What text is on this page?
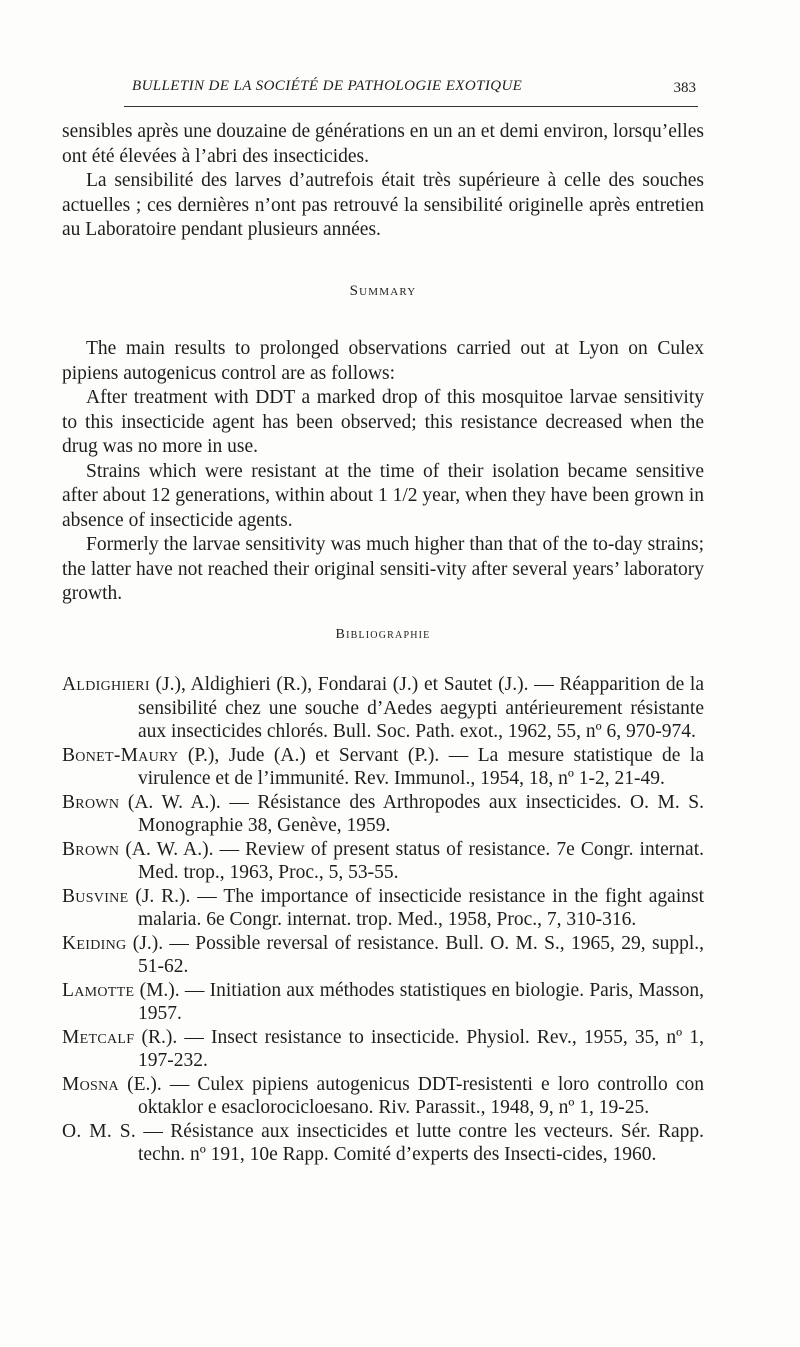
BULLETIN DE LA SOCIÉTÉ DE PATHOLOGIE EXOTIQUE	383

sensibles après une douzaine de générations en un an et demi environ, lorsqu’elles ont été élevées à l’abri des insecticides.

La sensibilité des larves d’autrefois était très supérieure à celle des souches actuelles ; ces dernières n’ont pas retrouvé la sensibilité originelle après entretien au Laboratoire pendant plusieurs années.

Summary

The main results to prolonged observations carried out at Lyon on Culex pipiens autogenicus control are as follows:

After treatment with DDT a marked drop of this mosquitoe larvae sensitivity to this insecticide agent has been observed; this resistance decreased when the drug was no more in use.

Strains which were resistant at the time of their isolation became sensitive after about 12 generations, within about 1 1/2 year, when they have been grown in absence of insecticide agents.

Formerly the larvae sensitivity was much higher than that of the to-day strains; the latter have not reached their original sensiti-vity after several years’ laboratory growth.

Bibliographie

Aldighieri (J.), Aldighieri (R.), Fondarai (J.) et Sautet (J.). — Réapparition de la sensibilité chez une souche d’Aedes aegypti antérieurement résistante aux insecticides chlorés. Bull. Soc. Path. exot., 1962, 55, nº 6, 970-974.

Bonet-Maury (P.), Jude (A.) et Servant (P.). — La mesure statistique de la virulence et de l’immunité. Rev. Immunol., 1954, 18, nº 1-2, 21-49.

Brown (A. W. A.). — Résistance des Arthropodes aux insecticides. O. M. S. Monographie 38, Genève, 1959.

Brown (A. W. A.). — Review of present status of resistance. 7e Congr. internat. Med. trop., 1963, Proc., 5, 53-55.

Busvine (J. R.). — The importance of insecticide resistance in the fight against malaria. 6e Congr. internat. trop. Med., 1958, Proc., 7, 310-316.

Keiding (J.). — Possible reversal of resistance. Bull. O. M. S., 1965, 29, suppl., 51-62.

Lamotte (M.). — Initiation aux méthodes statistiques en biologie. Paris, Masson, 1957.

Metcalf (R.). — Insect resistance to insecticide. Physiol. Rev., 1955, 35, nº 1, 197-232.

Mosna (E.). — Culex pipiens autogenicus DDT-resistenti e loro controllo con oktaklor e esaclorocicloesano. Riv. Parassit., 1948, 9, nº 1, 19-25.

O. M. S. — Résistance aux insecticides et lutte contre les vecteurs. Sér. Rapp. techn. nº 191, 10e Rapp. Comité d’experts des Insecti-cides, 1960.
